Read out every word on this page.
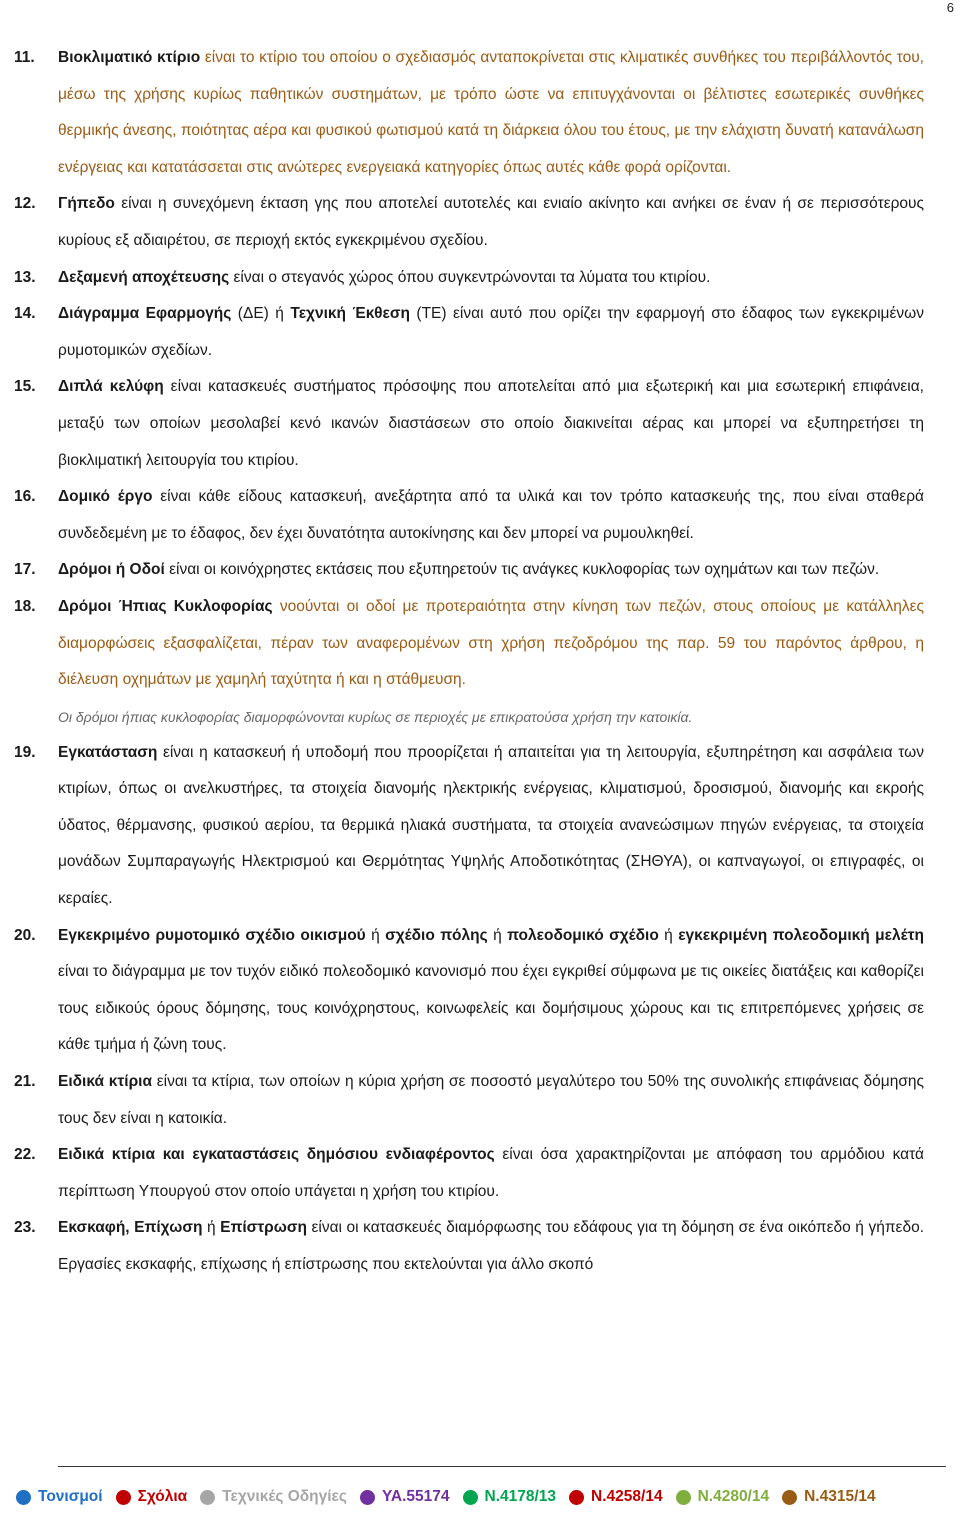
6
11.	Βιοκλιματικό κτίριο είναι το κτίριο του οποίου ο σχεδιασμός ανταποκρίνεται στις κλιματικές συνθήκες του περιβάλλοντός του, μέσω της χρήσης κυρίως παθητικών συστημάτων, με τρόπο ώστε να επιτυγχάνονται οι βέλτιστες εσωτερικές συνθήκες θερμικής άνεσης, ποιότητας αέρα και φυσικού φωτισμού κατά τη διάρκεια όλου του έτους, με την ελάχιστη δυνατή κατανάλωση ενέργειας και κατατάσσεται στις ανώτερες ενεργειακά κατηγορίες όπως αυτές κάθε φορά ορίζονται.
12.	Γήπεδο είναι η συνεχόμενη έκταση γης που αποτελεί αυτοτελές και ενιαίο ακίνητο και ανήκει σε έναν ή σε περισσότερους κυρίους εξ αδιαιρέτου, σε περιοχή εκτός εγκεκριμένου σχεδίου.
13.	Δεξαμενή αποχέτευσης είναι ο στεγανός χώρος όπου συγκεντρώνονται τα λύματα του κτιρίου.
14.	Διάγραμμα Εφαρμογής (ΔΕ) ή Τεχνική Έκθεση (ΤΕ) είναι αυτό που ορίζει την εφαρμογή στο έδαφος των εγκεκριμένων ρυμοτομικών σχεδίων.
15.	Διπλά κελύφη είναι κατασκευές συστήματος πρόσοψης που αποτελείται από μια εξωτερική και μια εσωτερική επιφάνεια, μεταξύ των οποίων μεσολαβεί κενό ικανών διαστάσεων στο οποίο διακινείται αέρας και μπορεί να εξυπηρετήσει τη βιοκλιματική λειτουργία του κτιρίου.
16.	Δομικό έργο είναι κάθε είδους κατασκευή, ανεξάρτητα από τα υλικά και τον τρόπο κατασκευής της, που είναι σταθερά συνδεδεμένη με το έδαφος, δεν έχει δυνατότητα αυτοκίνησης και δεν μπορεί να ρυμουλκηθεί.
17.	Δρόμοι ή Οδοί είναι οι κοινόχρηστες εκτάσεις που εξυπηρετούν τις ανάγκες κυκλοφορίας των οχημάτων και των πεζών.
18.	Δρόμοι Ήπιας Κυκλοφορίας νοούνται οι οδοί με προτεραιότητα στην κίνηση των πεζών, στους οποίους με κατάλληλες διαμορφώσεις εξασφαλίζεται, πέραν των αναφερομένων στη χρήση πεζοδρόμου της παρ. 59 του παρόντος άρθρου, η διέλευση οχημάτων με χαμηλή ταχύτητα ή και η στάθμευση.
Οι δρόμοι ήπιας κυκλοφορίας διαμορφώνονται κυρίως σε περιοχές με επικρατούσα χρήση την κατοικία.
19.	Εγκατάσταση είναι η κατασκευή ή υποδομή που προορίζεται ή απαιτείται για τη λειτουργία, εξυπηρέτηση και ασφάλεια των κτιρίων, όπως οι ανελκυστήρες, τα στοιχεία διανομής ηλεκτρικής ενέργειας, κλιματισμού, δροσισμού, διανομής και εκροής ύδατος, θέρμανσης, φυσικού αερίου, τα θερμικά ηλιακά συστήματα, τα στοιχεία ανανεώσιμων πηγών ενέργειας, τα στοιχεία μονάδων Συμπαραγωγής Ηλεκτρισμού και Θερμότητας Υψηλής Αποδοτικότητας (ΣΗΘΥΑ), οι καπναγωγοί, οι επιγραφές, οι κεραίες.
20.	Εγκεκριμένο ρυμοτομικό σχέδιο οικισμού ή σχέδιο πόλης ή πολεοδομικό σχέδιο ή εγκεκριμένη πολεοδομική μελέτη είναι το διάγραμμα με τον τυχόν ειδικό πολεοδομικό κανονισμό που έχει εγκριθεί σύμφωνα με τις οικείες διατάξεις και καθορίζει τους ειδικούς όρους δόμησης, τους κοινόχρηστους, κοινωφελείς και δομήσιμους χώρους και τις επιτρεπόμενες χρήσεις σε κάθε τμήμα ή ζώνη τους.
21.	Ειδικά κτίρια είναι τα κτίρια, των οποίων η κύρια χρήση σε ποσοστό μεγαλύτερο του 50% της συνολικής επιφάνειας δόμησης τους δεν είναι η κατοικία.
22.	Ειδικά κτίρια και εγκαταστάσεις δημόσιου ενδιαφέροντος είναι όσα χαρακτηρίζονται με απόφαση του αρμόδιου κατά περίπτωση Υπουργού στον οποίο υπάγεται η χρήση του κτιρίου.
23.	Εκσκαφή, Επίχωση ή Επίστρωση είναι οι κατασκευές διαμόρφωσης του εδάφους για τη δόμηση σε ένα οικόπεδο ή γήπεδο. Εργασίες εκσκαφής, επίχωσης ή επίστρωσης που εκτελούνται για άλλο σκοπό
Τονισμοί Σχόλια Τεχνικές Οδηγίες ΥΑ.55174 Ν.4178/13 Ν.4258/14 Ν.4280/14 Ν.4315/14
